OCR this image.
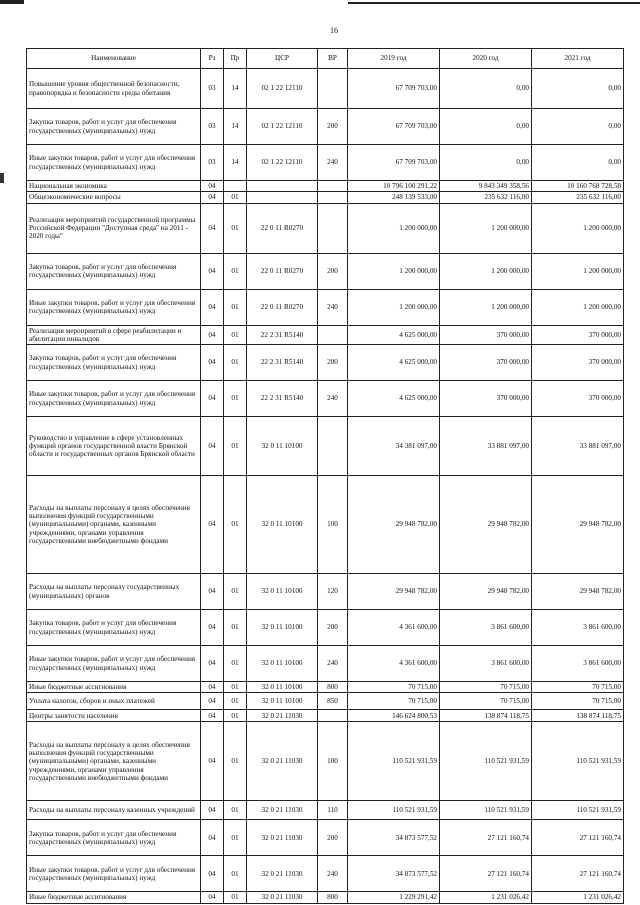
16
Наименование	Рз	Пр	ЦСР	ВР	2019 год	2020 год	2021 год
Повышение уровня общественной безопасности, правопорядка и безопасности среды обитания	03	14	02 1 22 12110		67 709 703,00	0,00	0,00
Закупка товаров, работ и услуг для обеспечения государственных (муниципальных) нужд	03	14	02 1 22 12110	200	67 709 703,00	0,00	0,00
Иные закупки товаров, работ и услуг для обеспечения государственных (муниципальных) нужд	03	14	02 1 22 12110	240	67 709 703,00	0,00	0,00
Национальная экономика	04				10 796 100 291,22	9 843 349 358,56	10 160 768 728,58
Общеэкономические вопросы	04	01			248 139 533,00	235 632 116,00	235 632 116,00
Реализация мероприятий государственной программы Российской Федерации "Доступная среда" на 2011 - 2020 годы"	04	01	22 0 11 R0270		1 200 000,00	1 200 000,00	1 200 000,00
Закупка товаров, работ и услуг для обеспечения государственных (муниципальных) нужд	04	01	22 0 11 R0270	200	1 200 000,00	1 200 000,00	1 200 000,00
Иные закупки товаров, работ и услуг для обеспечения государственных (муниципальных) нужд	04	01	22 0 11 R0270	240	1 200 000,00	1 200 000,00	1 200 000,00
Реализация мероприятий в сфере реабилитации и абилитации инвалидов	04	01	22 2 31 R5140		4 625 000,00	370 000,00	370 000,00
Закупка товаров, работ и услуг для обеспечения государственных (муниципальных) нужд	04	01	22 2 31 R5140	200	4 625 000,00	370 000,00	370 000,00
Иные закупки товаров, работ и услуг для обеспечения государственных (муниципальных) нужд	04	01	22 2 31 R5140	240	4 625 000,00	370 000,00	370 000,00
Руководство и управление в сфере установленных функций органов государственной власти Брянской области и государственных органов Брянской области	04	01	32 0 11 10100		34 381 097,00	33 881 097,00	33 881 097,00
Расходы на выплаты персоналу в целях обеспечения выполнения функций государственными (муниципальными) органами, казенными учреждениями, органами управления государственными внебюджетными фондами	04	01	32 0 11 10100	100	29 948 782,00	29 948 782,00	29 948 782,00
Расходы на выплаты персоналу государственных (муниципальных) органов	04	01	32 0 11 10100	120	29 948 782,00	29 948 782,00	29 948 782,00
Закупка товаров, работ и услуг для обеспечения государственных (муниципальных) нужд	04	01	32 0 11 10100	200	4 361 600,00	3 861 600,00	3 861 600,00
Иные закупки товаров, работ и услуг для обеспечения государственных (муниципальных) нужд	04	01	32 0 11 10100	240	4 361 600,00	3 861 600,00	3 861 600,00
Иные бюджетные ассигнования	04	01	32 0 11 10100	800	70 715,00	70 715,00	70 715,00
Уплата налогов, сборов и иных платежей	04	01	32 0 11 10100	850	70 715,00	70 715,00	70 715,00
Центры занятости населения	04	01	32 0 21 11030		146 624 800,53	138 874 118,75	138 874 118,75
Расходы на выплаты персоналу в целях обеспечения выполнения функций государственными (муниципальными) органами, казенными учреждениями, органами управления государственными внебюджетными фондами	04	01	32 0 21 11030	100	110 521 931,59	110 521 931,59	110 521 931,59
Расходы на выплаты персоналу казенных учреждений	04	01	32 0 21 11030	110	110 521 931,59	110 521 931,59	110 521 931,59
Закупка товаров, работ и услуг для обеспечения государственных (муниципальных) нужд	04	01	32 0 21 11030	200	34 873 577,52	27 121 160,74	27 121 160,74
Иные закупки товаров, работ и услуг для обеспечения государственных (муниципальных) нужд	04	01	32 0 21 11030	240	34 873 577,52	27 121 160,74	27 121 160,74
Иные бюджетные ассигнования	04	01	32 0 21 11030	800	1 229 291,42	1 231 026,42	1 231 026,42
